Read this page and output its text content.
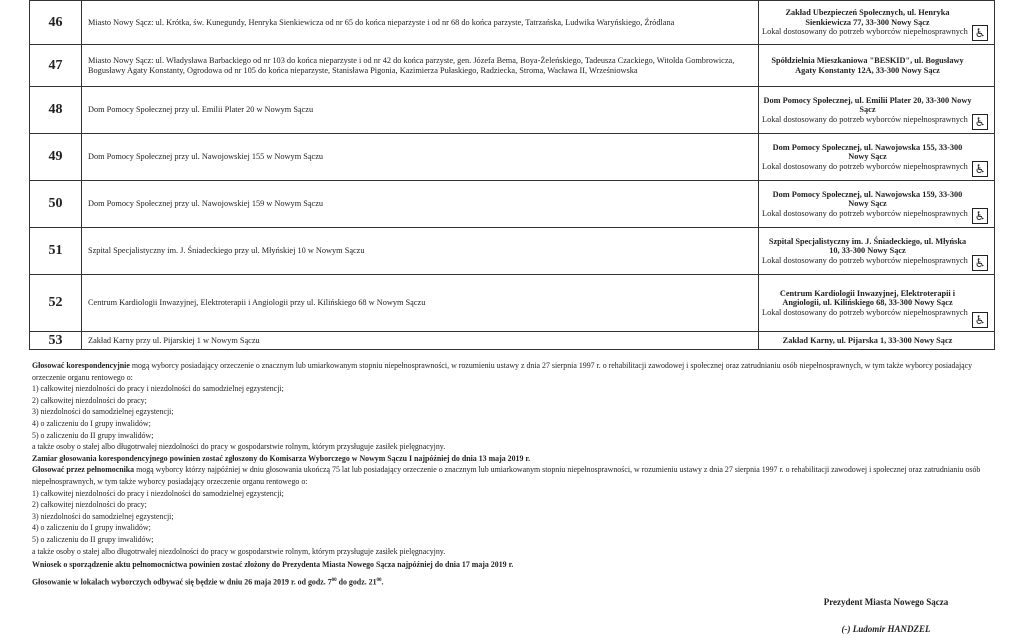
46	Miasto Nowy Sącz: ul. Krótka, św. Kunegundy, Henryka Sienkiewicza od nr 65 do końca nieparzyste i od nr 68 do końca parzyste, Tatrzańska, Ludwika Waryńskiego, Źródlana	Zakład Ubezpieczeń Społecznych, ul. Henryka Sienkiewicza 77, 33-300 Nowy Sącz
Lokal dostosowany do potrzeb wyborców niepełnosprawnych ♿

47	Miasto Nowy Sącz: ul. Władysława Barbackiego od nr 103 do końca nieparzyste i od nr 42 do końca parzyste, gen. Józefa Bema, Boya-Żeleńskiego, Tadeusza Czackiego, Witolda Gombrowicza, Bogusławy Agaty Konstanty, Ogrodowa od nr 105 do końca nieparzyste, Stanisława Pigonia, Kazimierza Pułaskiego, Radziecka, Stroma, Wacława II, Wrześniowska	Spółdzielnia Mieszkaniowa "BESKID", ul. Bogusławy Agaty Konstanty 12A, 33-300 Nowy Sącz

48	Dom Pomocy Społecznej przy ul. Emilii Plater 20 w Nowym Sączu	Dom Pomocy Społecznej, ul. Emilii Plater 20, 33-300 Nowy Sącz
Lokal dostosowany do potrzeb wyborców niepełnosprawnych ♿

49	Dom Pomocy Społecznej przy ul. Nawojowskiej 155 w Nowym Sączu	Dom Pomocy Społecznej, ul. Nawojowska 155, 33-300 Nowy Sącz
Lokal dostosowany do potrzeb wyborców niepełnosprawnych ♿

50	Dom Pomocy Społecznej przy ul. Nawojowskiej 159 w Nowym Sączu	Dom Pomocy Społecznej, ul. Nawojowska 159, 33-300 Nowy Sącz
Lokal dostosowany do potrzeb wyborców niepełnosprawnych ♿

51	Szpital Specjalistyczny im. J. Śniadeckiego przy ul. Młyńskiej 10 w Nowym Sączu	Szpital Specjalistyczny im. J. Śniadeckiego, ul. Młyńska 10, 33-300 Nowy Sącz
Lokal dostosowany do potrzeb wyborców niepełnosprawnych ♿

52	Centrum Kardiologii Inwazyjnej, Elektroterapii i Angiologii przy ul. Kilińskiego 68 w Nowym Sączu	Centrum Kardiologii Inwazyjnej, Elektroterapii i Angiologii, ul. Kilińskiego 68, 33-300 Nowy Sącz
Lokal dostosowany do potrzeb wyborców niepełnosprawnych
♿

53	Zakład Karny przy ul. Pijarskiej 1 w Nowym Sączu	Zakład Karny, ul. Pijarska 1, 33-300 Nowy Sącz

Głosować korespondencyjnie mogą wyborcy posiadający orzeczenie o znacznym lub umiarkowanym stopniu niepełnosprawności, w rozumieniu ustawy z dnia 27 sierpnia 1997 r. o rehabilitacji zawodowej i społecznej oraz zatrudnianiu osób niepełnosprawnych, w tym także wyborcy posiadający orzeczenie organu rentowego o:

1) całkowitej niezdolności do pracy i niezdolności do samodzielnej egzystencji;

2) całkowitej niezdolności do pracy;

3) niezdolności do samodzielnej egzystencji;

4) o zaliczeniu do I grupy inwalidów;

5) o zaliczeniu do II grupy inwalidów;

a także osoby o stałej albo długotrwałej niezdolności do pracy w gospodarstwie rolnym, którym przysługuje zasiłek pielęgnacyjny.

Zamiar głosowania korespondencyjnego powinien zostać zgłoszony do Komisarza Wyborczego w Nowym Sączu I najpóźniej do dnia 13 maja 2019 r.

Głosować przez pełnomocnika mogą wyborcy którzy najpóźniej w dniu głosowania ukończą 75 lat lub posiadający orzeczenie o znacznym lub umiarkowanym stopniu niepełnosprawności, w rozumieniu ustawy z dnia 27 sierpnia 1997 r. o rehabilitacji zawodowej i społecznej oraz zatrudnianiu osób niepełnosprawnych, w tym także wyborcy posiadający orzeczenie organu rentowego o:

1) całkowitej niezdolności do pracy i niezdolności do samodzielnej egzystencji;

2) całkowitej niezdolności do pracy;

3) niezdolności do samodzielnej egzystencji;

4) o zaliczeniu do I grupy inwalidów;

5) o zaliczeniu do II grupy inwalidów;

a także osoby o stałej albo długotrwałej niezdolności do pracy w gospodarstwie rolnym, którym przysługuje zasiłek pielęgnacyjny.

Wniosek o sporządzenie aktu pełnomocnictwa powinien zostać złożony do Prezydenta Miasta Nowego Sącza najpóźniej do dnia 17 maja 2019 r.

Głosowanie w lokalach wyborczych odbywać się będzie w dniu 26 maja 2019 r. od godz. $7^{00}$ do godz. $21^{00}$.

Prezydent Miasta Nowego Sącza
(-) Ludomir HANDZEL
